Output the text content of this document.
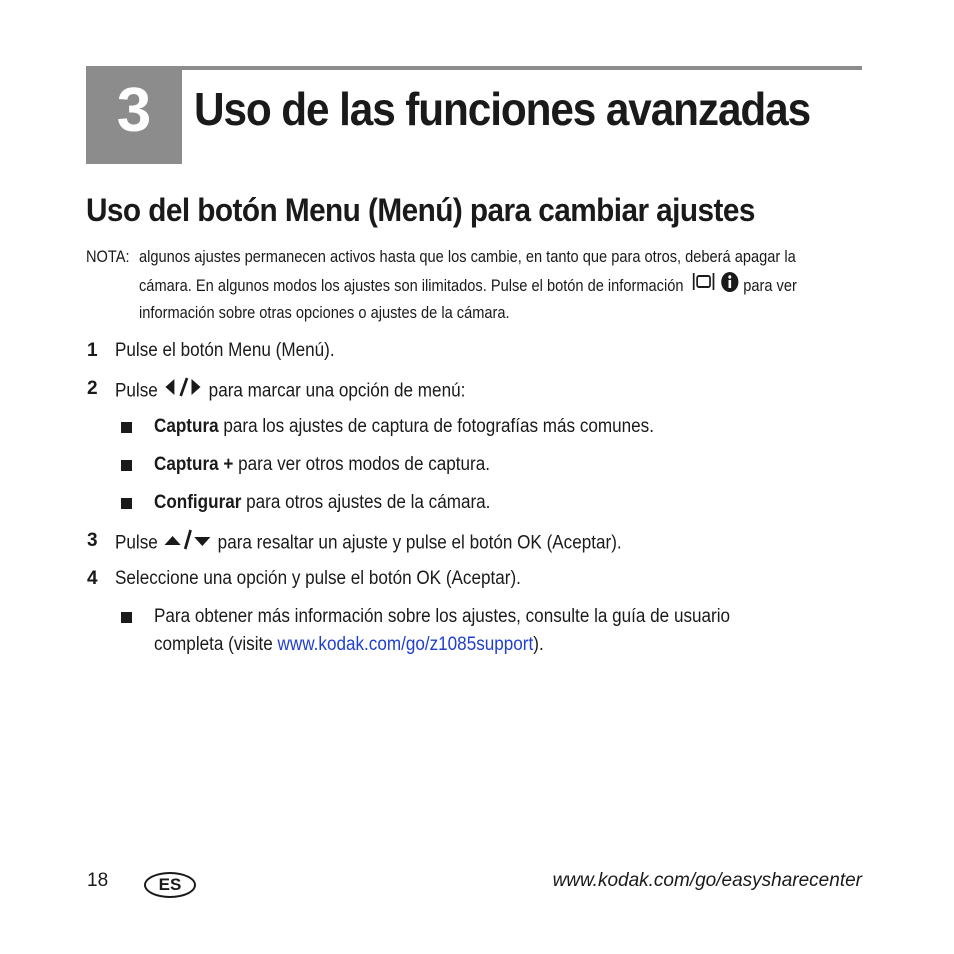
3 Uso de las funciones avanzadas
Uso del botón Menu (Menú) para cambiar ajustes
NOTA: algunos ajustes permanecen activos hasta que los cambie, en tanto que para otros, deberá apagar la
cámara. En algunos modos los ajustes son ilimitados. Pulse el botón de información	para ver
información sobre otras opciones o ajustes de la cámara.
1 Pulse el botón Menu (Menú).
2 Pulse	para marcar una opción de menú:
Captura para los ajustes de captura de fotografías más comunes.
Captura + para ver otros modos de captura.
Configurar para otros ajustes de la cámara.
3 Pulse	para resaltar un ajuste y pulse el botón OK (Aceptar).
4 Seleccione una opción y pulse el botón OK (Aceptar).
Para obtener más información sobre los ajustes, consulte la guía de usuario
completa (visite www.kodak.com/go/z1085support).
18	ES	www.kodak.com/go/easysharecenter
